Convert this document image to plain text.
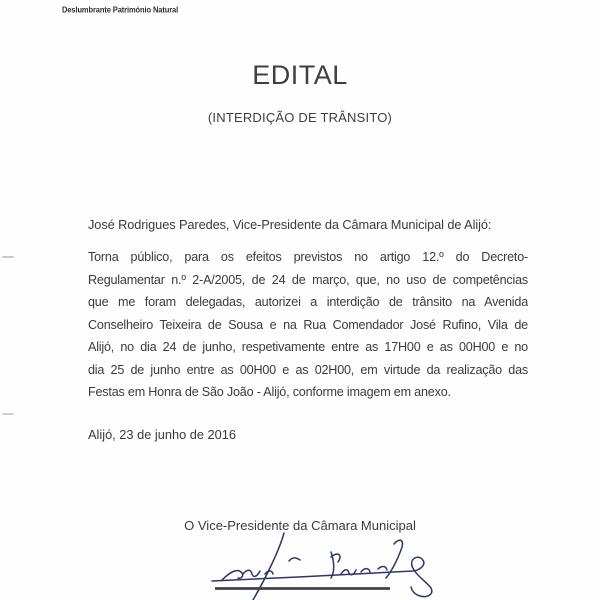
Deslumbrante Património Natural
EDITAL
(INTERDIÇÃO DE TRÂNSITO)
José Rodrigues Paredes, Vice-Presidente da Câmara Municipal de Alijó:
Torna público, para os efeitos previstos no artigo 12.º do Decreto-
Regulamentar n.º 2-A/2005, de 24 de março, que, no uso de competências
que me foram delegadas, autorizei a interdição de trânsito na Avenida
Conselheiro Teixeira de Sousa e na Rua Comendador José Rufino, Vila de
Alijó, no dia 24 de junho, respetivamente entre as 17H00 e as 00H00 e no
dia 25 de junho entre as 00H00 e as 02H00, em virtude da realização das
Festas em Honra de São João - Alijó, conforme imagem em anexo.
Alijó, 23 de junho de 2016
O Vice-Presidente da Câmara Municipal
